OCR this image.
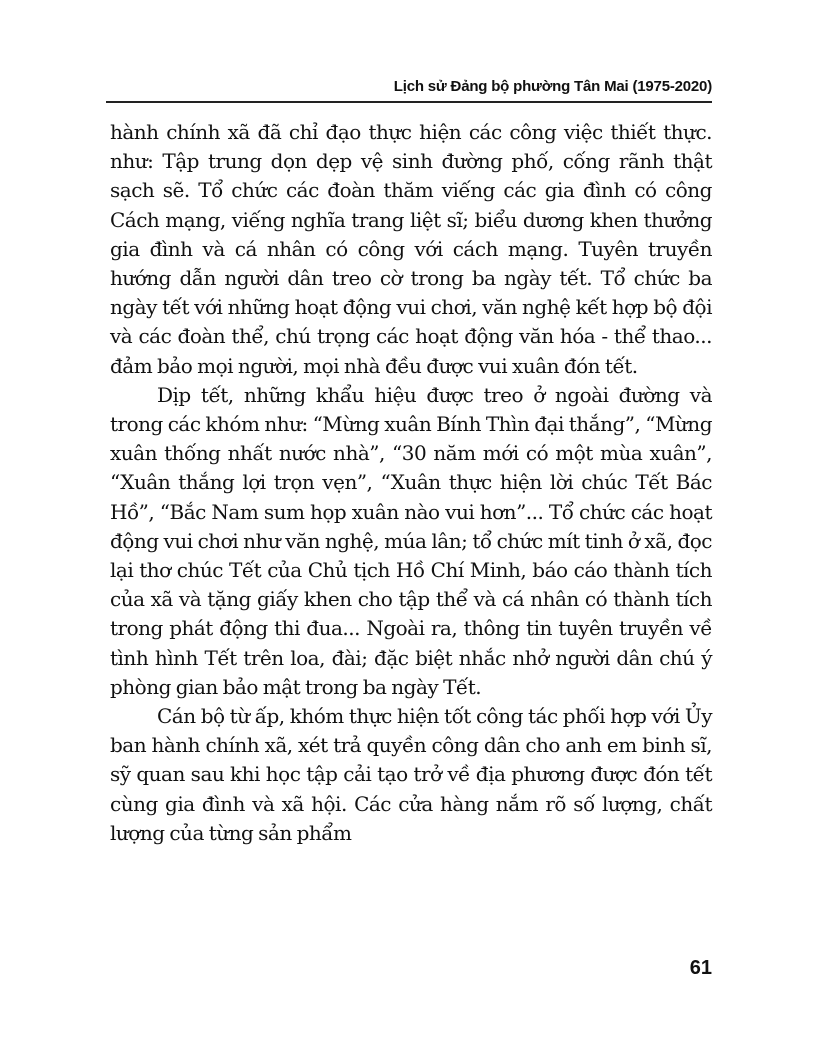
Lịch sử Đảng bộ phường Tân Mai (1975-2020)

hành chính xã đã chỉ đạo thực hiện các công việc thiết thực. như: Tập trung dọn dẹp vệ sinh đường phố, cống rãnh thật sạch sẽ. Tổ chức các đoàn thăm viếng các gia đình có công Cách mạng, viếng nghĩa trang liệt sĩ; biểu dương khen thưởng gia đình và cá nhân có công với cách mạng. Tuyên truyền hướng dẫn người dân treo cờ trong ba ngày tết. Tổ chức ba ngày tết với những hoạt động vui chơi, văn nghệ kết hợp bộ đội và các đoàn thể, chú trọng các hoạt động văn hóa - thể thao... đảm bảo mọi người, mọi nhà đều được vui xuân đón tết.

Dịp tết, những khẩu hiệu được treo ở ngoài đường và trong các khóm như: “Mừng xuân Bính Thìn đại thắng”, “Mừng xuân thống nhất nước nhà”, “30 năm mới có một mùa xuân”, “Xuân thắng lợi trọn vẹn”, “Xuân thực hiện lời chúc Tết Bác Hồ”, “Bắc Nam sum họp xuân nào vui hơn”... Tổ chức các hoạt động vui chơi như văn nghệ, múa lân; tổ chức mít tinh ở xã, đọc lại thơ chúc Tết của Chủ tịch Hồ Chí Minh, báo cáo thành tích của xã và tặng giấy khen cho tập thể và cá nhân có thành tích trong phát động thi đua... Ngoài ra, thông tin tuyên truyền về tình hình Tết trên loa, đài; đặc biệt nhắc nhở người dân chú ý phòng gian bảo mật trong ba ngày Tết.

Cán bộ từ ấp, khóm thực hiện tốt công tác phối hợp với Ủy ban hành chính xã, xét trả quyền công dân cho anh em binh sĩ, sỹ quan sau khi học tập cải tạo trở về địa phương được đón tết cùng gia đình và xã hội. Các cửa hàng nắm rõ số lượng, chất lượng của từng sản phẩm

61
